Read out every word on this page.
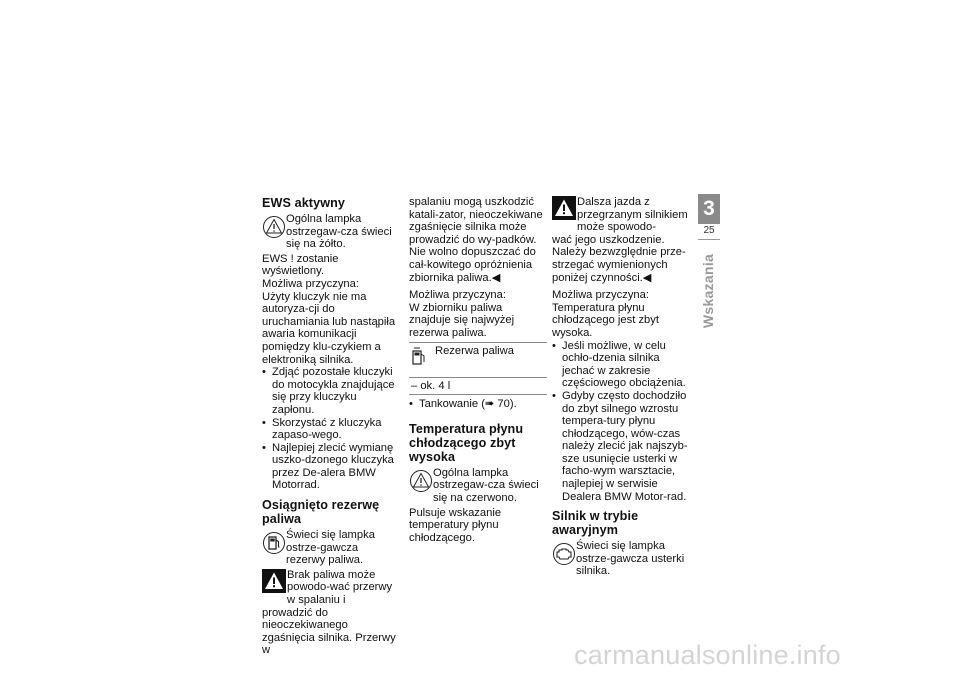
EWS aktywny

Ogólna lampka ostrzegaw-cza świeci się na żółto.

EWS ! zostanie wyświetlony.

Możliwa przyczyna:

Użyty kluczyk nie ma autoryza-cji do uruchamiania lub nastąpiła awaria komunikacji pomiędzy klu-czykiem a elektroniką silnika.

• Zdjąć pozostałe kluczyki do motocykla znajdujące się przy kluczyku zapłonu.
• Skorzystać z kluczyka zapaso-wego.
• Najlepiej zlecić wymianę uszko-dzonego kluczyka przez De-alera BMW Motorrad.
Osiągnięto rezerwę paliwa

Świeci się lampka ostrze-gawcza rezerwy paliwa.

Brak paliwa może powodo-wać przerwy w spalaniu i

prowadzić do nieoczekiwanego zgaśnięcia silnika. Przerwy w

spalaniu mogą uszkodzić katali-zator, nieoczekiwane zgaśnięcie silnika może prowadzić do wy-padków.

Nie wolno dopuszczać do cał-kowitego opróżnienia zbiornika paliwa.◀

Możliwa przyczyna:

W zbiorniku paliwa znajduje się najwyżej rezerwa paliwa.

Rezerwa paliwa

– ok. 4 l

• Tankowanie (➠ 70).
Temperatura płynu chłodzącego zbyt wysoka

Ogólna lampka ostrzegaw-cza świeci się na czerwono.

Pulsuje wskazanie temperatury płynu chłodzącego.

Dalsza jazda z przegrzanym silnikiem może spowodo-

wać jego uszkodzenie.

Należy bezwzględnie prze-strzegać wymienionych poniżej czynności.◀

Możliwa przyczyna:

Temperatura płynu chłodzącego jest zbyt wysoka.

• Jeśli możliwe, w celu ochło-dzenia silnika jechać w zakresie częściowego obciążenia.
• Gdyby często dochodziło do zbyt silnego wzrostu tempera-tury płynu chłodzącego, wów-czas należy zlecić jak najszyb-sze usunięcie usterki w facho-wym warsztacie, najlepiej w serwisie Dealera BMW Motor-rad.
Silnik w trybie awaryjnym

Świeci się lampka ostrze-gawcza usterki silnika.

3
25
Wskazania
carmanualsonline.info
